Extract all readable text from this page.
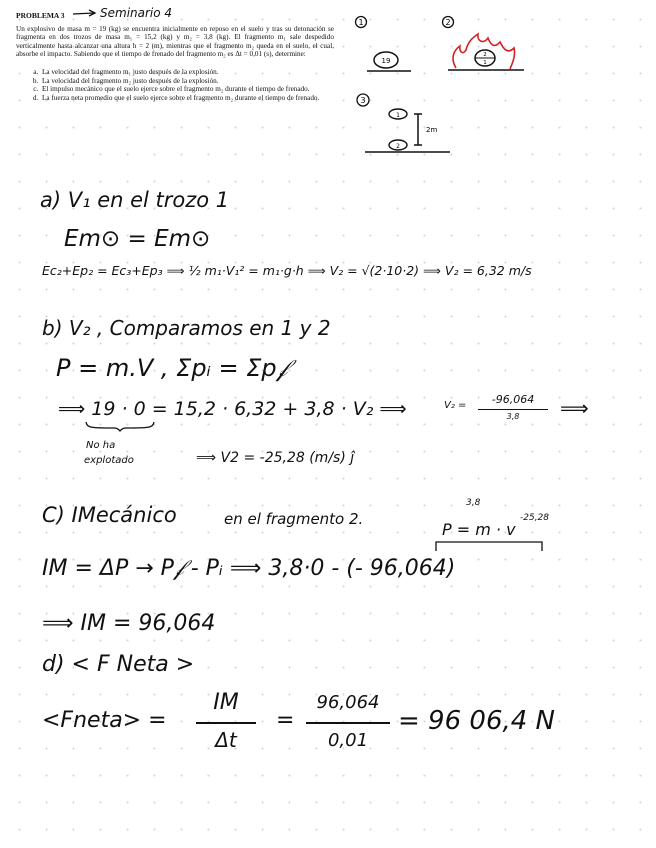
PROBLEMA 3
Un explosivo de masa m = 19 (kg) se encuentra inicialmente en reposo en el suelo y tras su detonación se fragmenta en dos trozos de masa m₁ = 15,2 (kg) y m₂ = 3,8 (kg). El fragmento m₁ sale despedido verticalmente hasta alcanzar una altura h = 2 (m), mientras que el fragmento m₂ queda en el suelo, el cual, absorbe el impacto. Sabiendo que el tiempo de frenado del fragmento m₂ es Δt = 0,01 (s), determine:
a. La velocidad del fragmento m₁ justo después de la explosión.
b. La velocidad del fragmento m₂ justo después de la explosión.
c. El impulso mecánico que el suelo ejerce sobre el fragmento m₂ durante el tiempo de frenado.
d. La fuerza neta promedio que el suelo ejerce sobre el fragmento m₂ durante el tiempo de frenado.
Seminario 4
1
19
2
2
1
3
1
2
2m
a) V₁ en el trozo 1
Em⊙ = Em⊙
Ec₂+Ep₂ = Ec₃+Ep₃ ⟹ ½ m₁·V₁² = m₁·g·h ⟹ V₂ = √(2·10·2) ⟹ V₂ = 6,32 m/s
b) V₂ , Comparamos en 1 y 2
P = m.V , Σpᵢ = Σp𝒻
⟹ 19 · 0 = 15,2 · 6,32 + 3,8 · V₂ ⟹
No ha
explotado
V₂ =	-96,064
3,8	⟹
⟹ V2 = -25,28 (m/s) ĵ
C) IMecánico	en el fragmento 2.
3,8
-25,28
P = m · v
IM = ΔP → P𝒻 - Pᵢ ⟹ 3,8·0 - (- 96,064)
⟹ IM = 96,064
d) < F Neta >
<Fneta> =
IM
Δt
=
96,064
0,01
= 96 06,4 N
